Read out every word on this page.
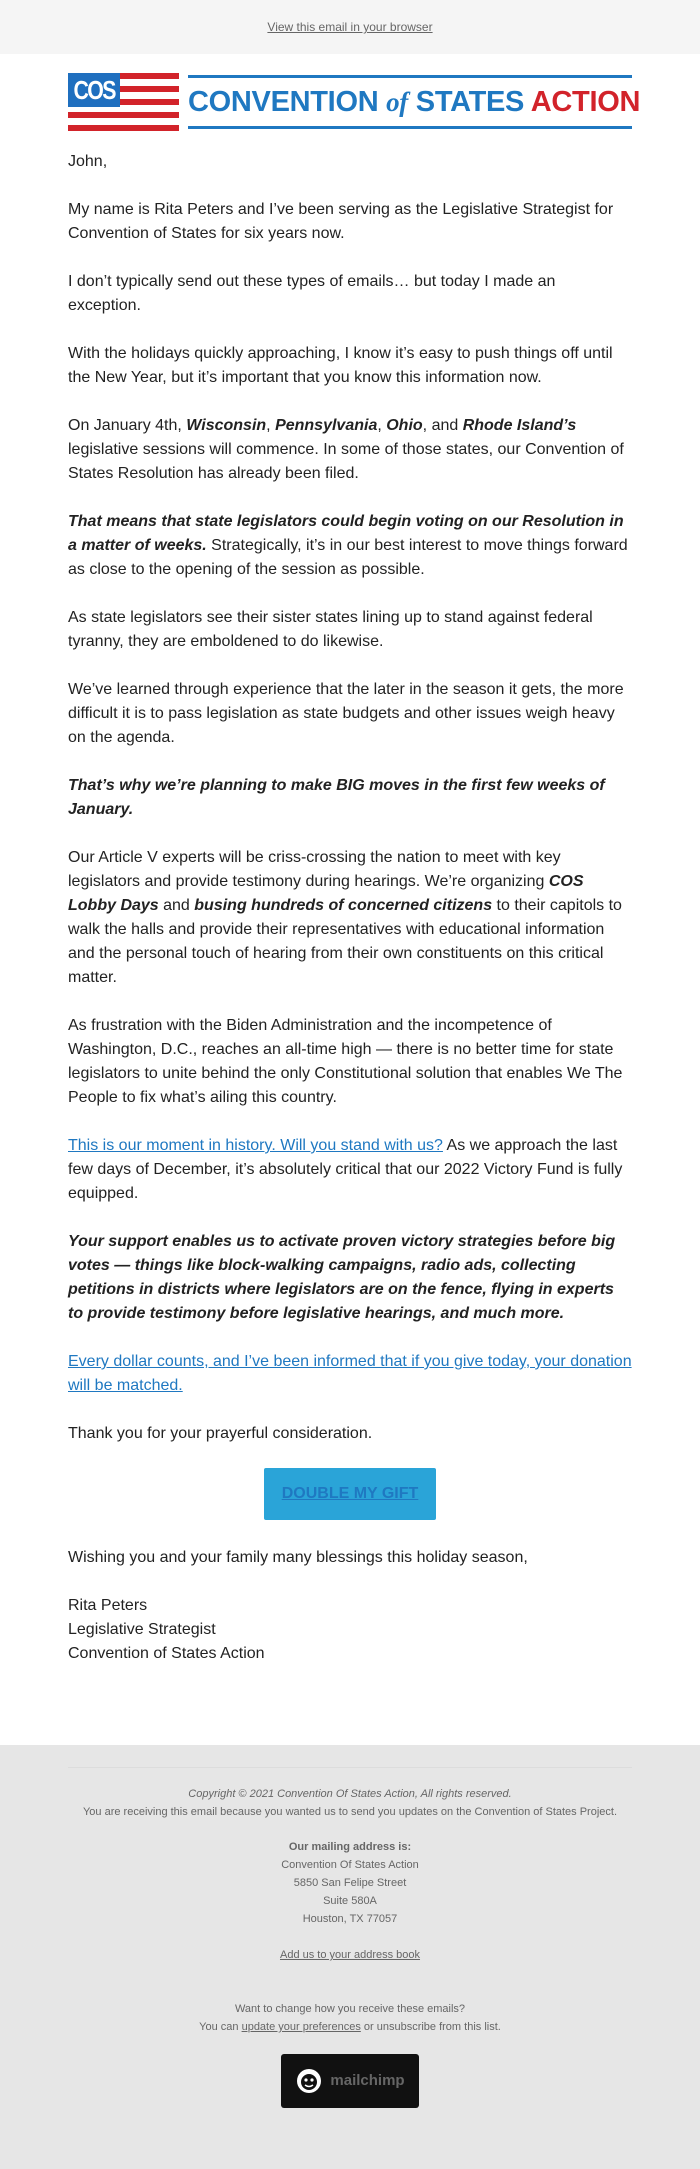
View this email in your browser
COS	CONVENTION of STATES ACTION

John,

My name is Rita Peters and I’ve been serving as the Legislative Strategist for Convention of States for six years now.

I don’t typically send out these types of emails… but today I made an exception.

With the holidays quickly approaching, I know it’s easy to push things off until the New Year, but it’s important that you know this information now.

On January 4th, Wisconsin, Pennsylvania, Ohio, and Rhode Island’s legislative sessions will commence. In some of those states, our Convention of States Resolution has already been filed.

That means that state legislators could begin voting on our Resolution in a matter of weeks. Strategically, it’s in our best interest to move things forward as close to the opening of the session as possible.

As state legislators see their sister states lining up to stand against federal tyranny, they are emboldened to do likewise.

We’ve learned through experience that the later in the season it gets, the more difficult it is to pass legislation as state budgets and other issues weigh heavy on the agenda.

That’s why we’re planning to make BIG moves in the first few weeks of January.

Our Article V experts will be criss-crossing the nation to meet with key legislators and provide testimony during hearings. We’re organizing COS Lobby Days and busing hundreds of concerned citizens to their capitols to walk the halls and provide their representatives with educational information and the personal touch of hearing from their own constituents on this critical matter.

As frustration with the Biden Administration and the incompetence of Washington, D.C., reaches an all-time high — there is no better time for state legislators to unite behind the only Constitutional solution that enables We The People to fix what’s ailing this country.

This is our moment in history. Will you stand with us? As we approach the last few days of December, it’s absolutely critical that our 2022 Victory Fund is fully equipped.

Your support enables us to activate proven victory strategies before big votes — things like block-walking campaigns, radio ads, collecting petitions in districts where legislators are on the fence, flying in experts to provide testimony before legislative hearings, and much more.

Every dollar counts, and I’ve been informed that if you give today, your donation will be matched.

Thank you for your prayerful consideration.

DOUBLE MY GIFT

Wishing you and your family many blessings this holiday season,

Rita Peters
Legislative Strategist
Convention of States Action

Copyright © 2021 Convention Of States Action, All rights reserved.
You are receiving this email because you wanted us to send you updates on the Convention of States Project.
Our mailing address is:
Convention Of States Action
5850 San Felipe Street
Suite 580A
Houston, TX 77057
Add us to your address book
Want to change how you receive these emails?
You can update your preferences or unsubscribe from this list.
mailchimp
